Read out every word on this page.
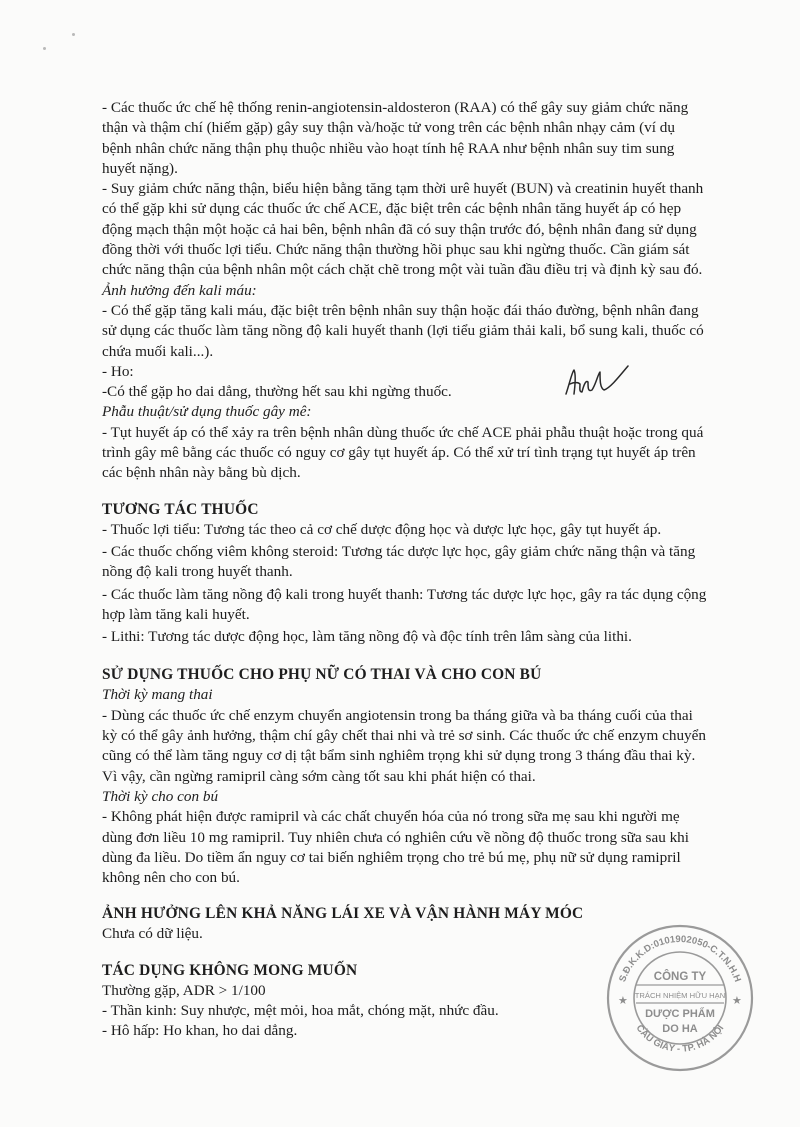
- Các thuốc ức chế hệ thống renin-angiotensin-aldosteron (RAA) có thể gây suy giảm chức năng thận và thậm chí (hiếm gặp) gây suy thận và/hoặc tử vong trên các bệnh nhân nhạy cảm (ví dụ bệnh nhân chức năng thận phụ thuộc nhiều vào hoạt tính hệ RAA như bệnh nhân suy tim sung huyết nặng).

- Suy giảm chức năng thận, biểu hiện bằng tăng tạm thời urê huyết (BUN) và creatinin huyết thanh có thể gặp khi sử dụng các thuốc ức chế ACE, đặc biệt trên các bệnh nhân tăng huyết áp có hẹp động mạch thận một hoặc cả hai bên, bệnh nhân đã có suy thận trước đó, bệnh nhân đang sử dụng đồng thời với thuốc lợi tiểu. Chức năng thận thường hồi phục sau khi ngừng thuốc. Cần giám sát chức năng thận của bệnh nhân một cách chặt chẽ trong một vài tuần đầu điều trị và định kỳ sau đó.

Ảnh hưởng đến kali máu:

- Có thể gặp tăng kali máu, đặc biệt trên bệnh nhân suy thận hoặc đái tháo đường, bệnh nhân đang sử dụng các thuốc làm tăng nồng độ kali huyết thanh (lợi tiểu giảm thải kali, bổ sung kali, thuốc có chứa muối kali...).

- Ho:

-Có thể gặp ho dai dẳng, thường hết sau khi ngừng thuốc.

Phẫu thuật/sử dụng thuốc gây mê:

- Tụt huyết áp có thể xảy ra trên bệnh nhân dùng thuốc ức chế ACE phải phẫu thuật hoặc trong quá trình gây mê bằng các thuốc có nguy cơ gây tụt huyết áp. Có thể xử trí tình trạng tụt huyết áp trên các bệnh nhân này bằng bù dịch.

TƯƠNG TÁC THUỐC

- Thuốc lợi tiểu: Tương tác theo cả cơ chế dược động học và dược lực học, gây tụt huyết áp.

- Các thuốc chống viêm không steroid: Tương tác dược lực học, gây giảm chức năng thận và tăng nồng độ kali trong huyết thanh.

- Các thuốc làm tăng nồng độ kali trong huyết thanh: Tương tác dược lực học, gây ra tác dụng cộng hợp làm tăng kali huyết.

- Lithi: Tương tác dược động học, làm tăng nồng độ và độc tính trên lâm sàng của lithi.

SỬ DỤNG THUỐC CHO PHỤ NỮ CÓ THAI VÀ CHO CON BÚ

Thời kỳ mang thai

- Dùng các thuốc ức chế enzym chuyển angiotensin trong ba tháng giữa và ba tháng cuối của thai kỳ có thể gây ảnh hưởng, thậm chí gây chết thai nhi và trẻ sơ sinh. Các thuốc ức chế enzym chuyển cũng có thể làm tăng nguy cơ dị tật bẩm sinh nghiêm trọng khi sử dụng trong 3 tháng đầu thai kỳ. Vì vậy, cần ngừng ramipril càng sớm càng tốt sau khi phát hiện có thai.

Thời kỳ cho con bú

- Không phát hiện được ramipril và các chất chuyển hóa của nó trong sữa mẹ sau khi người mẹ dùng đơn liều 10 mg ramipril. Tuy nhiên chưa có nghiên cứu về nồng độ thuốc trong sữa sau khi dùng đa liều. Do tiềm ẩn nguy cơ tai biến nghiêm trọng cho trẻ bú mẹ, phụ nữ sử dụng ramipril không nên cho con bú.

ẢNH HƯỞNG LÊN KHẢ NĂNG LÁI XE VÀ VẬN HÀNH MÁY MÓC

Chưa có dữ liệu.

TÁC DỤNG KHÔNG MONG MUỐN

Thường gặp, ADR > 1/100

- Thần kinh: Suy nhược, mệt mỏi, hoa mắt, chóng mặt, nhức đầu.

- Hô hấp: Ho khan, ho dai dẳng.

S.Đ.K.K.D:0101902050-C.T.N.H.H
CẦU GIẤY - TP. HÀ NỘI
★	★
CÔNG TY
TRÁCH NHIỆM HỮU HẠN
DƯỢC PHẨM
DO HA
